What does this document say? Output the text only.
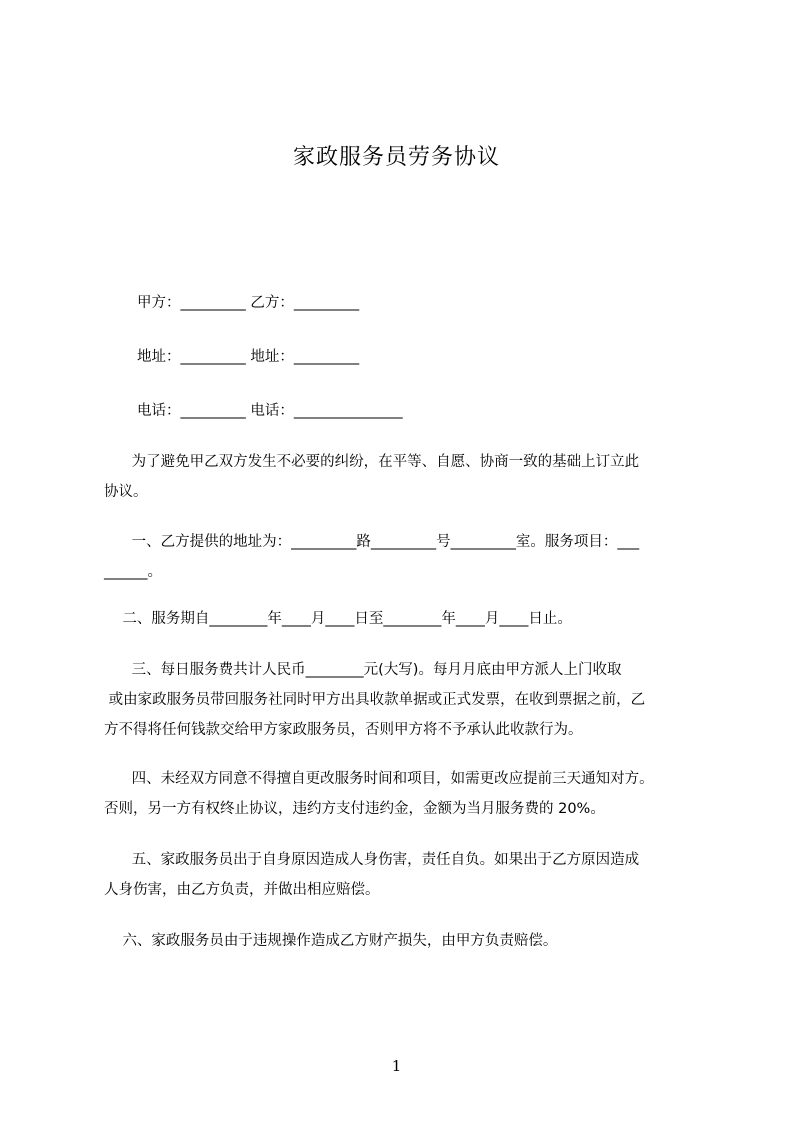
家政服务员劳务协议

甲方：_________ 乙方：_________

地址：_________ 地址：_________

电话：_________ 电话：_______________

为了避免甲乙双方发生不必要的纠纷，在平等、自愿、协商一致的基础上订立此
协议。

一、乙方提供的地址为：_________路_________号_________室。服务项目：___
______。

二、服务期自________年____月____日至________年____月____日止。

三、每日服务费共计人民币________元(大写)。每月月底由甲方派人上门收取
或由家政服务员带回服务社同时甲方出具收款单据或正式发票，在收到票据之前，乙
方不得将任何钱款交给甲方家政服务员，否则甲方将不予承认此收款行为。

四、未经双方同意不得擅自更改服务时间和项目，如需更改应提前三天通知对方。
否则，另一方有权终止协议，违约方支付违约金，金额为当月服务费的 20%。

五、家政服务员出于自身原因造成人身伤害，责任自负。如果出于乙方原因造成
人身伤害，由乙方负责，并做出相应赔偿。

六、家政服务员由于违规操作造成乙方财产损失，由甲方负责赔偿。

1
